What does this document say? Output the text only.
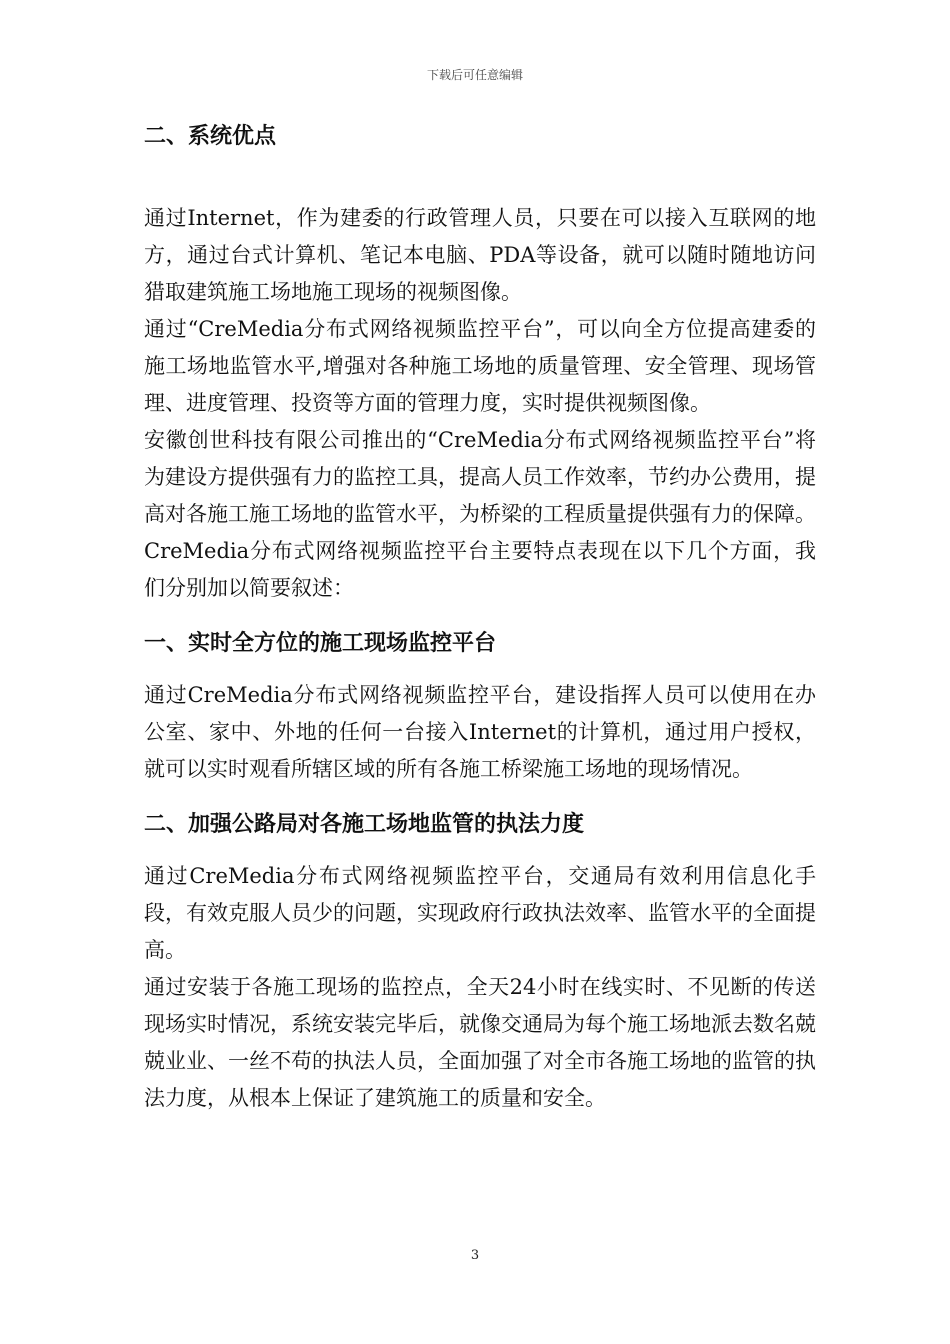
下载后可任意编辑
二、系统优点

通过Internet，作为建委的行政管理人员，只要在可以接入互联网的地方，通过台式计算机、笔记本电脑、PDA等设备，就可以随时随地访问猎取建筑施工场地施工现场的视频图像。

通过“CreMedia分布式网络视频监控平台”，可以向全方位提高建委的施工场地监管水平,增强对各种施工场地的质量管理、安全管理、现场管理、进度管理、投资等方面的管理力度，实时提供视频图像。

安徽创世科技有限公司推出的“CreMedia分布式网络视频监控平台”将为建设方提供强有力的监控工具，提高人员工作效率，节约办公费用，提高对各施工施工场地的监管水平，为桥梁的工程质量提供强有力的保障。

CreMedia分布式网络视频监控平台主要特点表现在以下几个方面，我们分别加以简要叙述：

一、实时全方位的施工现场监控平台

通过CreMedia分布式网络视频监控平台，建设指挥人员可以使用在办公室、家中、外地的任何一台接入Internet的计算机，通过用户授权，就可以实时观看所辖区域的所有各施工桥梁施工场地的现场情况。

二、加强公路局对各施工场地监管的执法力度

通过CreMedia分布式网络视频监控平台，交通局有效利用信息化手段，有效克服人员少的问题，实现政府行政执法效率、监管水平的全面提高。

通过安装于各施工现场的监控点，全天24小时在线实时、不见断的传送现场实时情况，系统安装完毕后，就像交通局为每个施工场地派去数名兢兢业业、一丝不苟的执法人员，全面加强了对全市各施工场地的监管的执法力度，从根本上保证了建筑施工的质量和安全。

3
